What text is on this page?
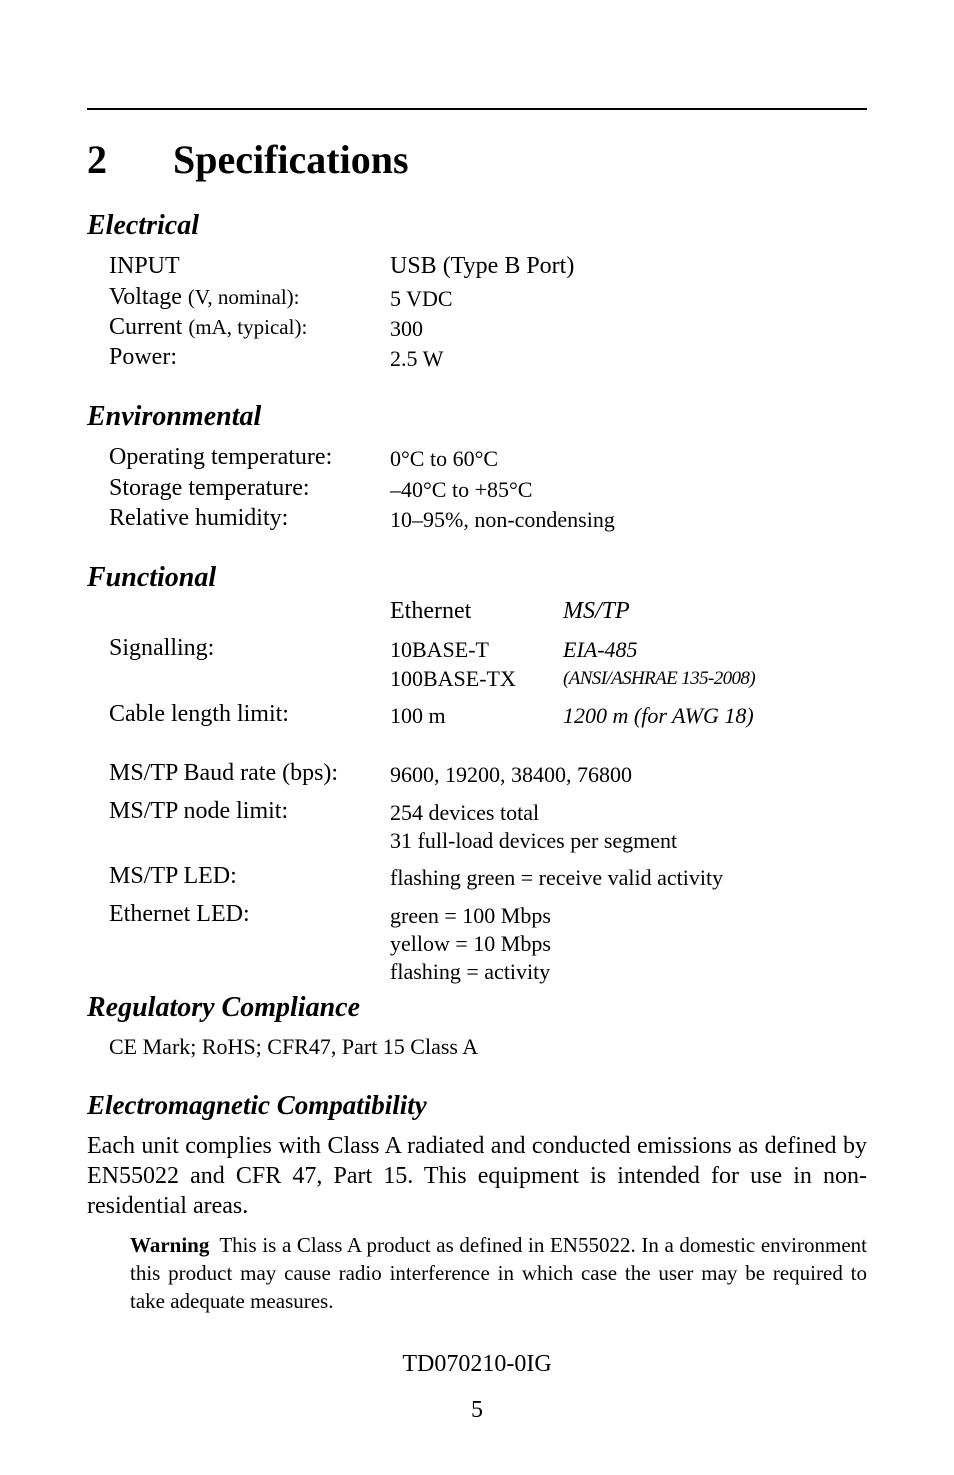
2 Specifications
Electrical
INPUT	USB (Type B Port)
Voltage (V, nominal):	5 VDC
Current (mA, typical):	300
Power:	2.5 W
Environmental
Operating temperature:	0°C to 60°C
Storage temperature:	–40°C to +85°C
Relative humidity:	10–95%, non-condensing
Functional
Ethernet	MS/TP
Signalling:	10BASE-T	EIA-485
100BASE-TX (ANSI/ASHRAE 135-2008)
Cable length limit:	100 m	1200 m (for AWG 18)
MS/TP Baud rate (bps): 9600, 19200, 38400, 76800
MS/TP node limit:	254 devices total
31 full-load devices per segment
MS/TP LED:	flashing green = receive valid activity
Ethernet LED:	green = 100 Mbps
yellow = 10 Mbps
flashing = activity
Regulatory Compliance
CE Mark; RoHS; CFR47, Part 15 Class A
Electromagnetic Compatibility
Each unit complies with Class A radiated and conducted emissions as defined by EN55022 and CFR 47, Part 15. This equipment is intended for use in non-residential areas.
Warning This is a Class A product as defined in EN55022. In a domestic environment this product may cause radio interference in which case the user may be required to take adequate measures.
TD070210-0IG
5
